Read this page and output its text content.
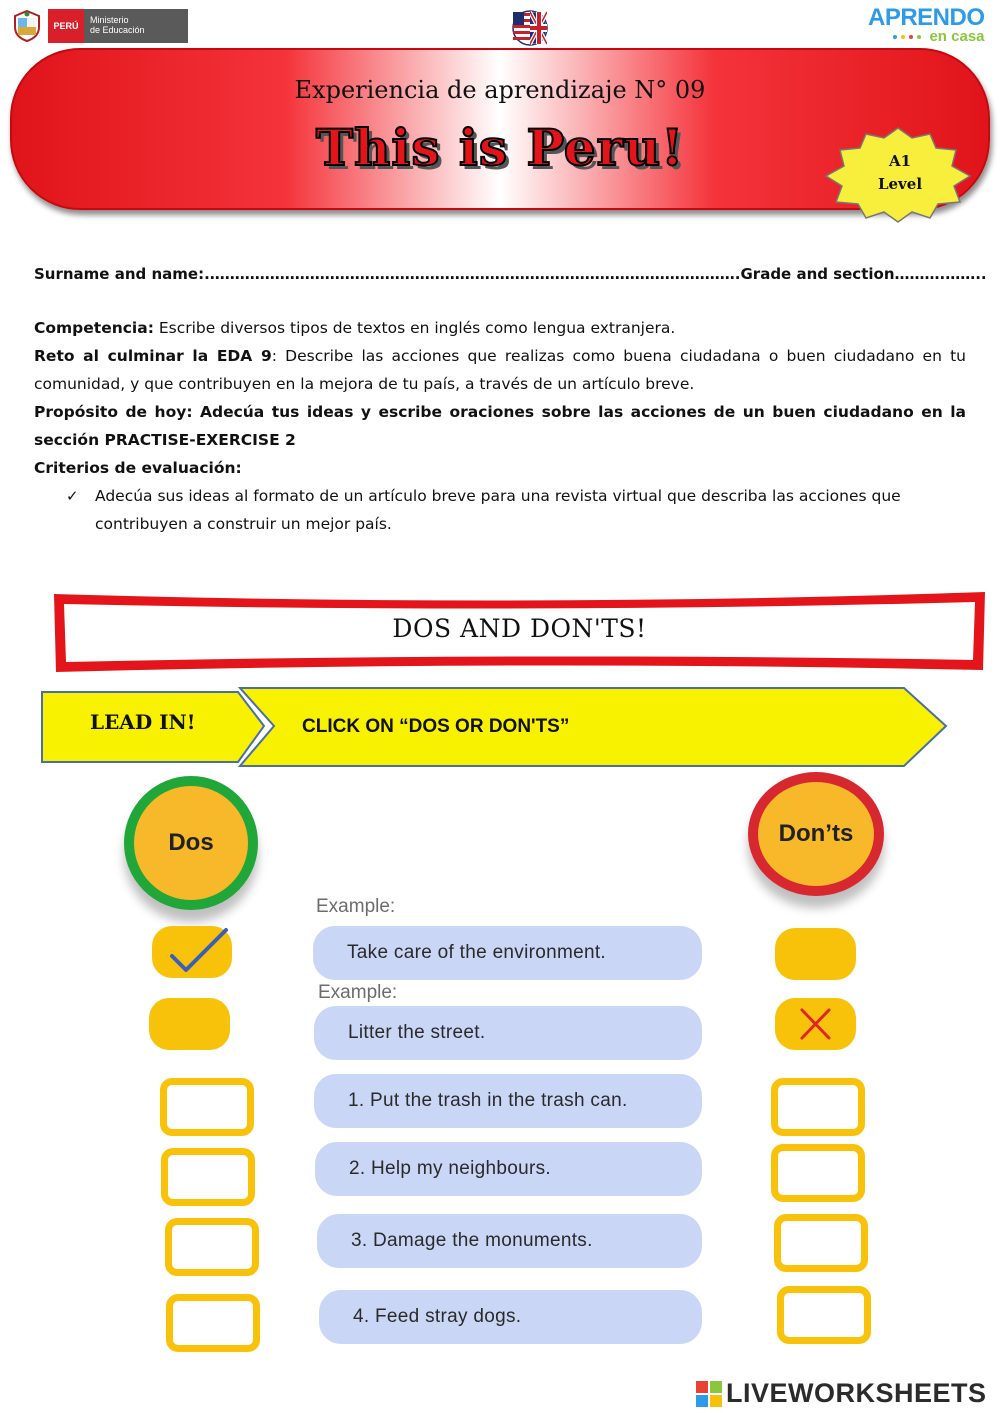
PERÚ
Ministerio
de Educación	APRENDO
en casa
Experiencia de aprendizaje N° 09
This is Peru!	A1
Level
Surname and name:.…………………………………………………………………………………………….Grade and section……….……..
Competencia: Escribe diversos tipos de textos en inglés como lengua extranjera.
Reto al culminar la EDA 9: Describe las acciones que realizas como buena ciudadana o buen ciudadano en tu comunidad, y que contribuyen en la mejora de tu país, a través de un artículo breve.
Propósito de hoy: Adecúa tus ideas y escribe oraciones sobre las acciones de un buen ciudadano en la sección PRACTISE-EXERCISE 2
Criterios de evaluación:
✓ Adecúa sus ideas al formato de un artículo breve para una revista virtual que describa las acciones que contribuyen a construir un mejor país.
DOS AND DON'TS!
LEAD IN!	CLICK ON “DOS OR DON'TS”
Dos	Don’ts
Example:
Take care of the environment.
Example:
Litter the street.
1. Put the trash in the trash can.
2. Help my neighbours.
3. Damage the monuments.
4. Feed stray dogs.
LIVEWORKSHEETS
